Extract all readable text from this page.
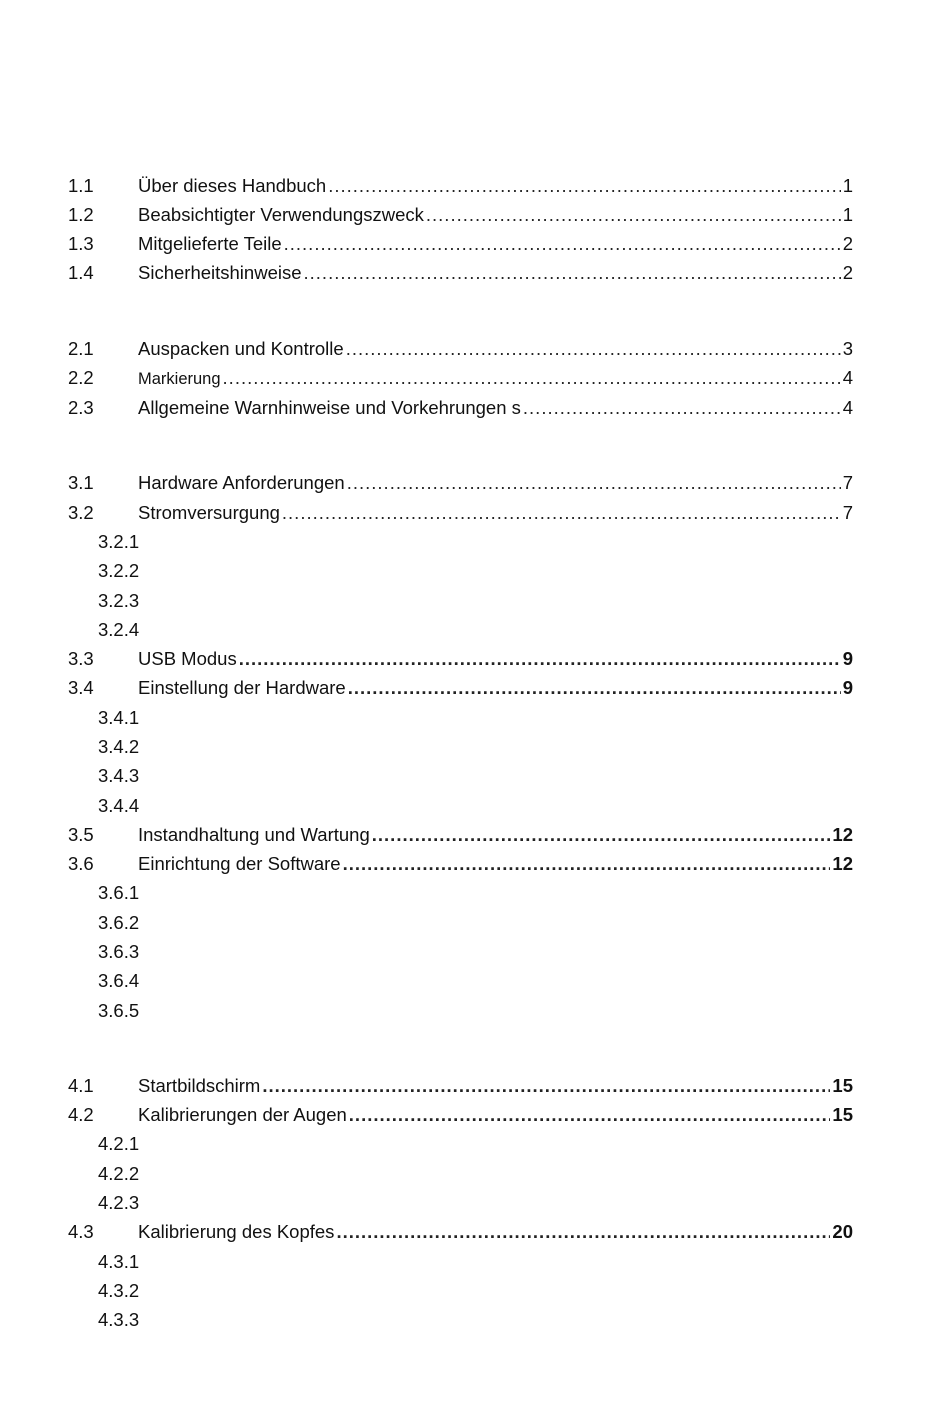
1.1	Über dieses Handbuch .....	1
1.2	Beabsichtigter Verwendungszweck .....	1
1.3	Mitgelieferte Teile .....	2
1.4	Sicherheitshinweise .....	2
2.1	Auspacken und Kontrolle .....	3
2.2	Markierung .....	4
2.3	Allgemeine Warnhinweise und Vorkehrungen s .....	4
3.1	Hardware Anforderungen .....	7
3.2	Stromversurgung .....	7
3.2.1
3.2.2
3.2.3
3.2.4
3.3	USB Modus .....	9
3.4	Einstellung der Hardware .....	9
3.4.1
3.4.2
3.4.3
3.4.4
3.5	Instandhaltung und Wartung .....	12
3.6	Einrichtung der Software .....	12
3.6.1
3.6.2
3.6.3
3.6.4
3.6.5
4.1	Startbildschirm .....	15
4.2	Kalibrierungen der Augen .....	15
4.2.1
4.2.2
4.2.3
4.3	Kalibrierung des Kopfes .....	20
4.3.1
4.3.2
4.3.3
